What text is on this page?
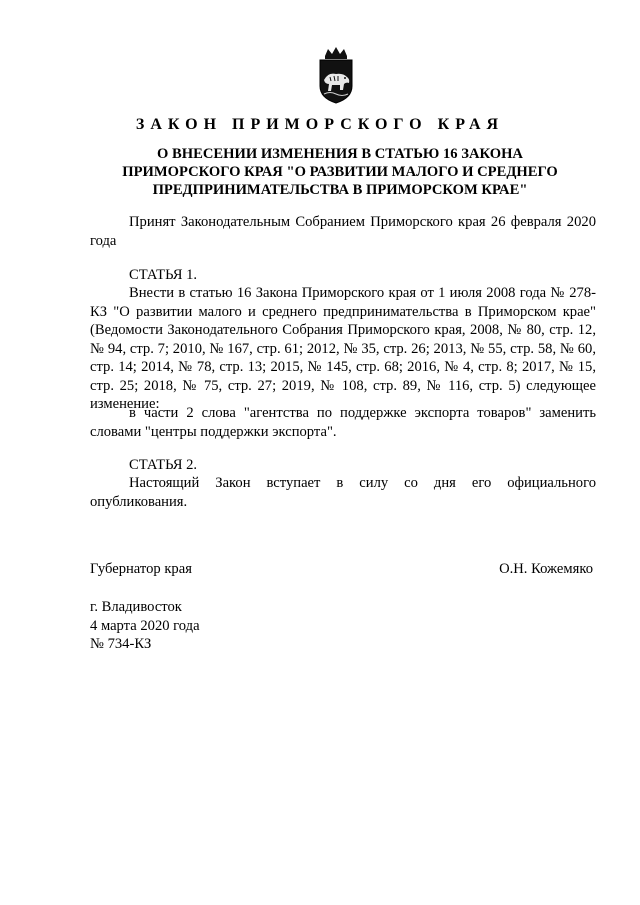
ЗАКОН ПРИМОРСКОГО КРАЯ
О ВНЕСЕНИИ ИЗМЕНЕНИЯ В СТАТЬЮ 16 ЗАКОНА
ПРИМОРСКОГО КРАЯ "О РАЗВИТИИ МАЛОГО И СРЕДНЕГО
ПРЕДПРИНИМАТЕЛЬСТВА В ПРИМОРСКОМ КРАЕ"

Принят Законодательным Собранием Приморского края 26 февраля 2020 года

СТАТЬЯ 1.

Внести в статью 16 Закона Приморского края от 1 июля 2008 года № 278-КЗ "О развитии малого и среднего предпринимательства в Приморском крае" (Ведомости Законодательного Собрания Приморского края, 2008, № 80, стр. 12, № 94, стр. 7; 2010, № 167, стр. 61; 2012, № 35, стр. 26; 2013, № 55, стр. 58, № 60, стр. 14; 2014, № 78, стр. 13; 2015, № 145, стр. 68; 2016, № 4, стр. 8; 2017, № 15, стр. 25; 2018, № 75, стр. 27; 2019, № 108, стр. 89, № 116, стр. 5) следующее изменение:

в части 2 слова "агентства по поддержке экспорта товаров" заменить словами "центры поддержки экспорта".

СТАТЬЯ 2.

Настоящий Закон вступает в силу со дня его официального опубликования.

Губернатор края	О.Н. Кожемяко

г. Владивосток
4 марта 2020 года
№ 734-КЗ
